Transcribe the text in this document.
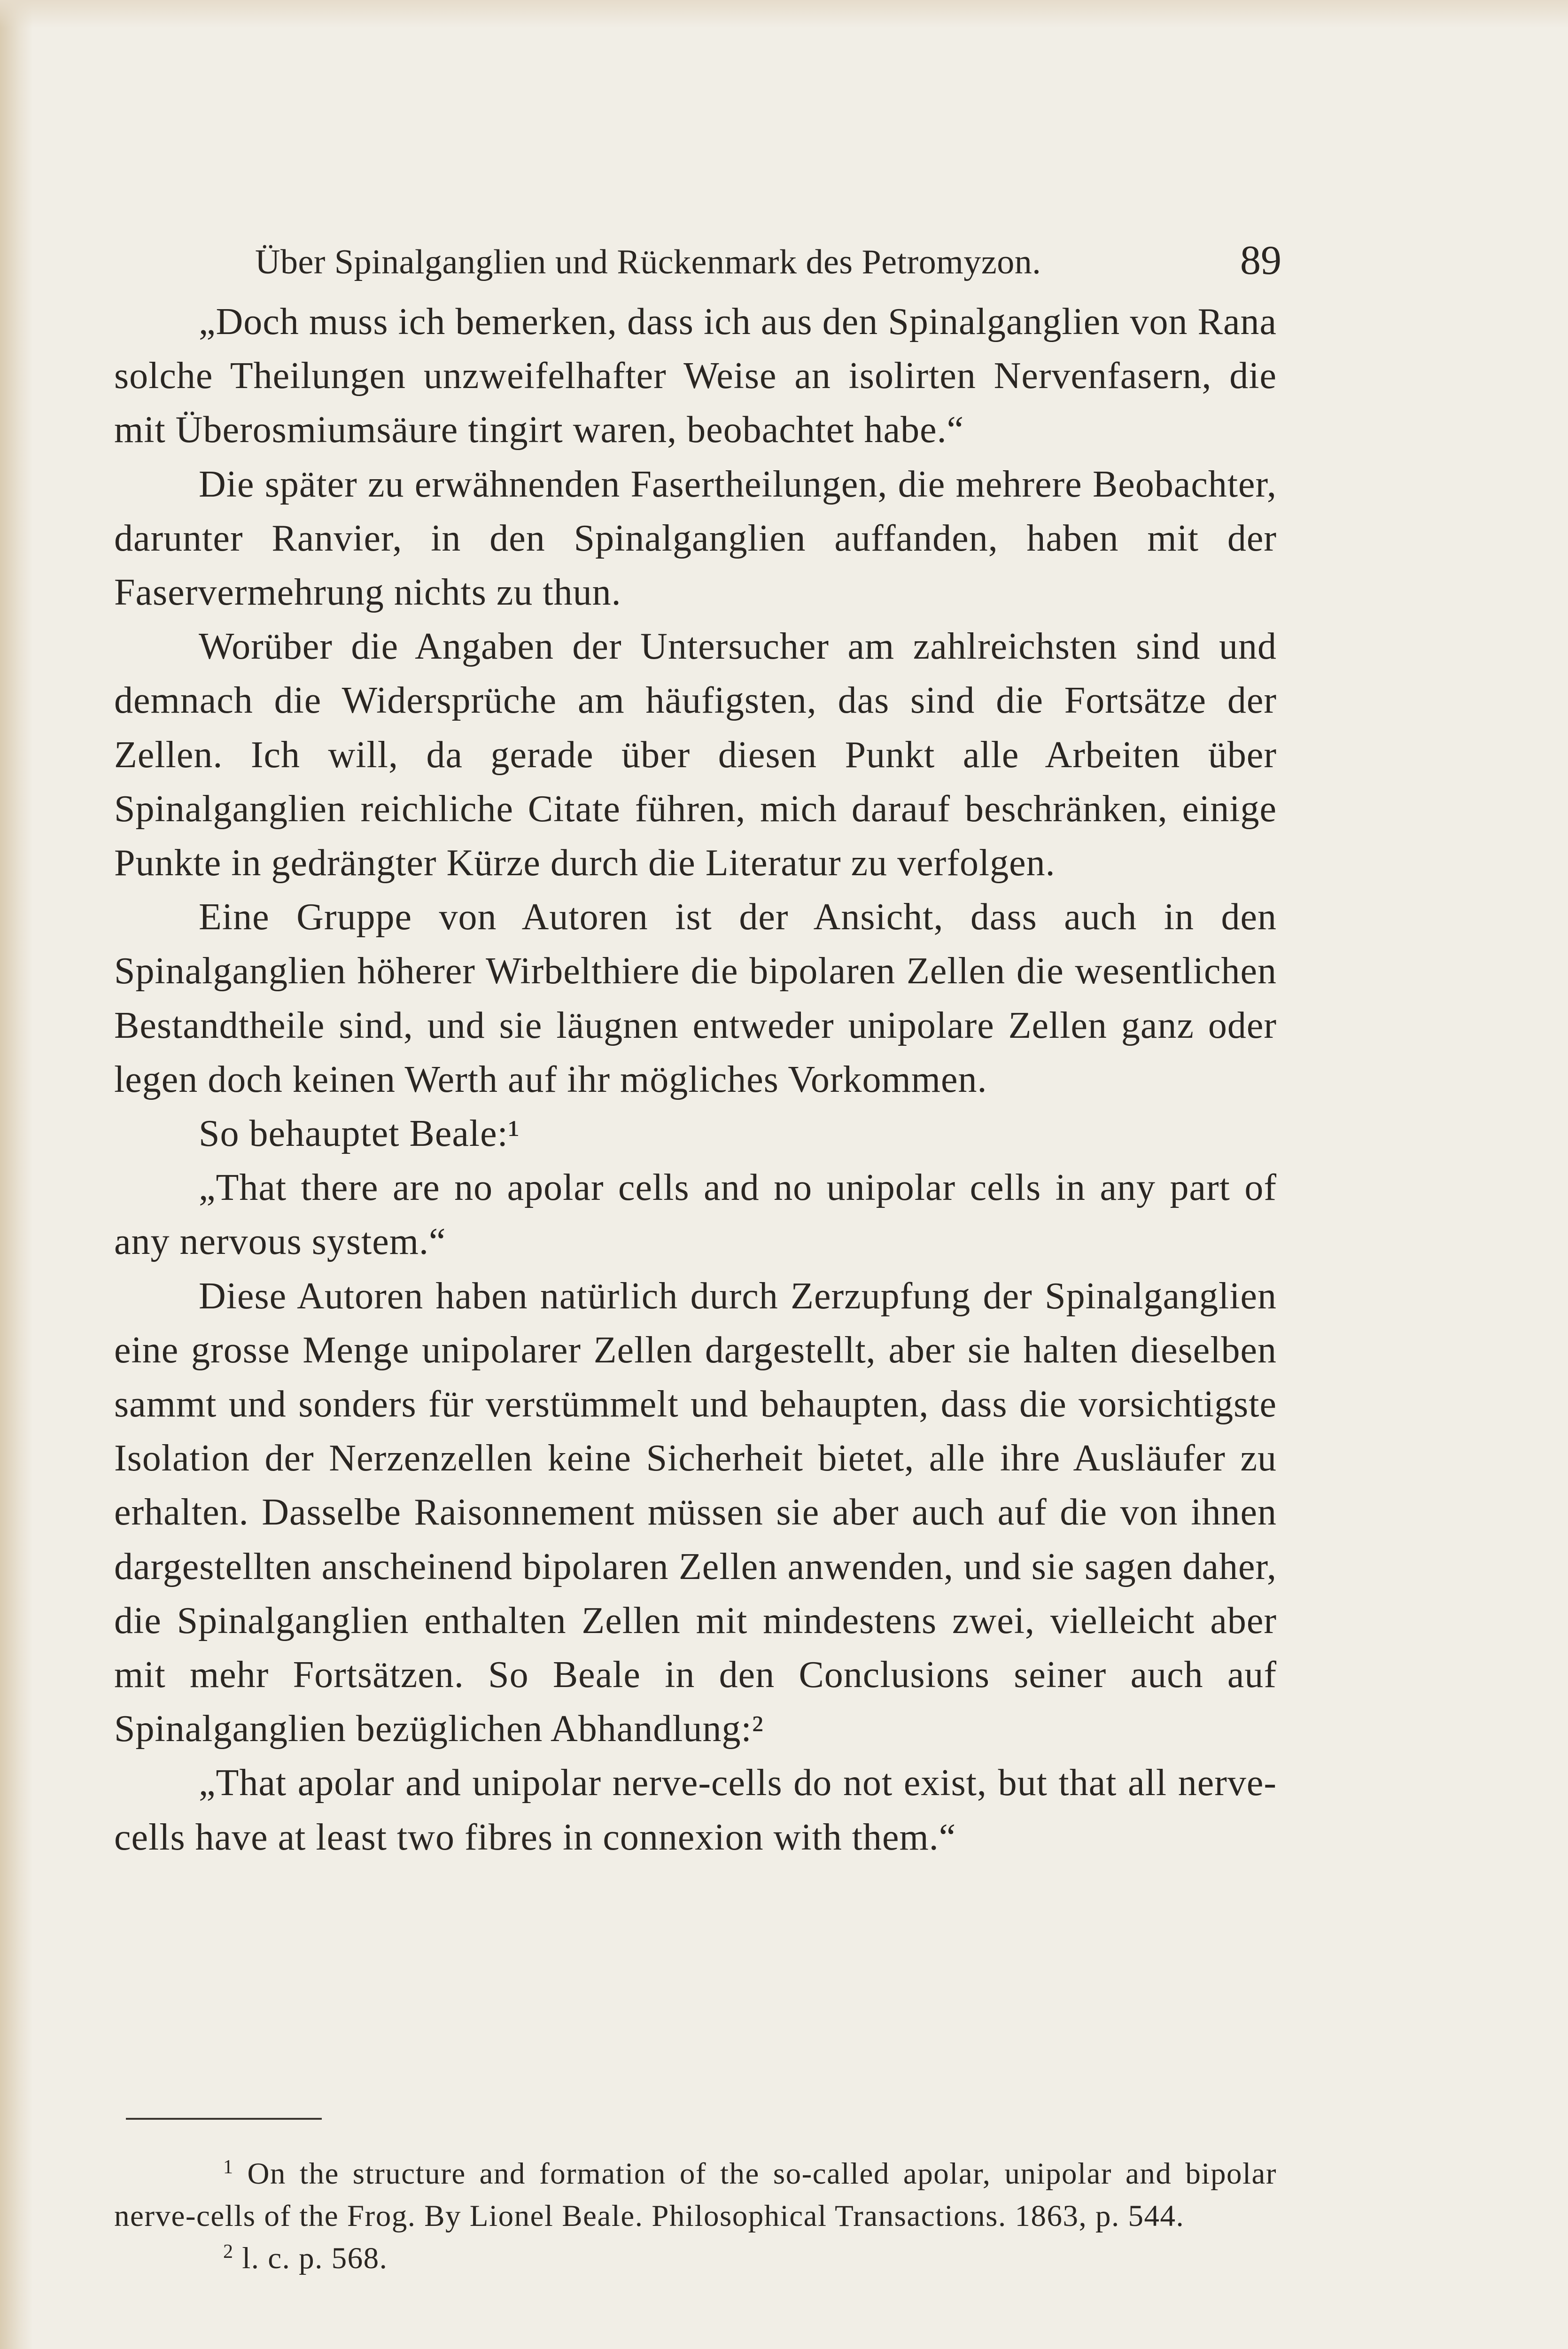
Über Spinalganglien und Rückenmark des Petromyzon.	89

„Doch muss ich bemerken, dass ich aus den Spinalganglien von Rana solche Theilungen unzweifelhafter Weise an isolirten Nervenfasern, die mit Überosmiumsäure tingirt waren, beobachtet habe.“

Die später zu erwähnenden Fasertheilungen, die mehrere Beobachter, darunter Ranvier, in den Spinalganglien auffanden, haben mit der Faservermehrung nichts zu thun.

Worüber die Angaben der Untersucher am zahlreichsten sind und demnach die Widersprüche am häufigsten, das sind die Fortsätze der Zellen. Ich will, da gerade über diesen Punkt alle Arbeiten über Spinalganglien reichliche Citate führen, mich darauf beschränken, einige Punkte in gedrängter Kürze durch die Literatur zu verfolgen.

Eine Gruppe von Autoren ist der Ansicht, dass auch in den Spinalganglien höherer Wirbelthiere die bipolaren Zellen die wesentlichen Bestandtheile sind, und sie läugnen entweder unipolare Zellen ganz oder legen doch keinen Werth auf ihr mögliches Vorkommen.

So behauptet Beale:¹

„That there are no apolar cells and no unipolar cells in any part of any nervous system.“

Diese Autoren haben natürlich durch Zerzupfung der Spinalganglien eine grosse Menge unipolarer Zellen dargestellt, aber sie halten dieselben sammt und sonders für verstümmelt und behaupten, dass die vorsichtigste Isolation der Nerzenzellen keine Sicherheit bietet, alle ihre Ausläufer zu erhalten. Dasselbe Raisonnement müssen sie aber auch auf die von ihnen dargestellten anscheinend bipolaren Zellen anwenden, und sie sagen daher, die Spinalganglien enthalten Zellen mit mindestens zwei, vielleicht aber mit mehr Fortsätzen. So Beale in den Conclusions seiner auch auf Spinalganglien bezüglichen Abhandlung:²

„That apolar and unipolar nerve-cells do not exist, but that all nerve-cells have at least two fibres in connexion with them.“

$^1$ On the structure and formation of the so-called apolar, unipolar and bipolar nerve-cells of the Frog. By Lionel Beale. Philosophical Transactions. 1863, p. 544.

$^2$ l. c. p. 568.
